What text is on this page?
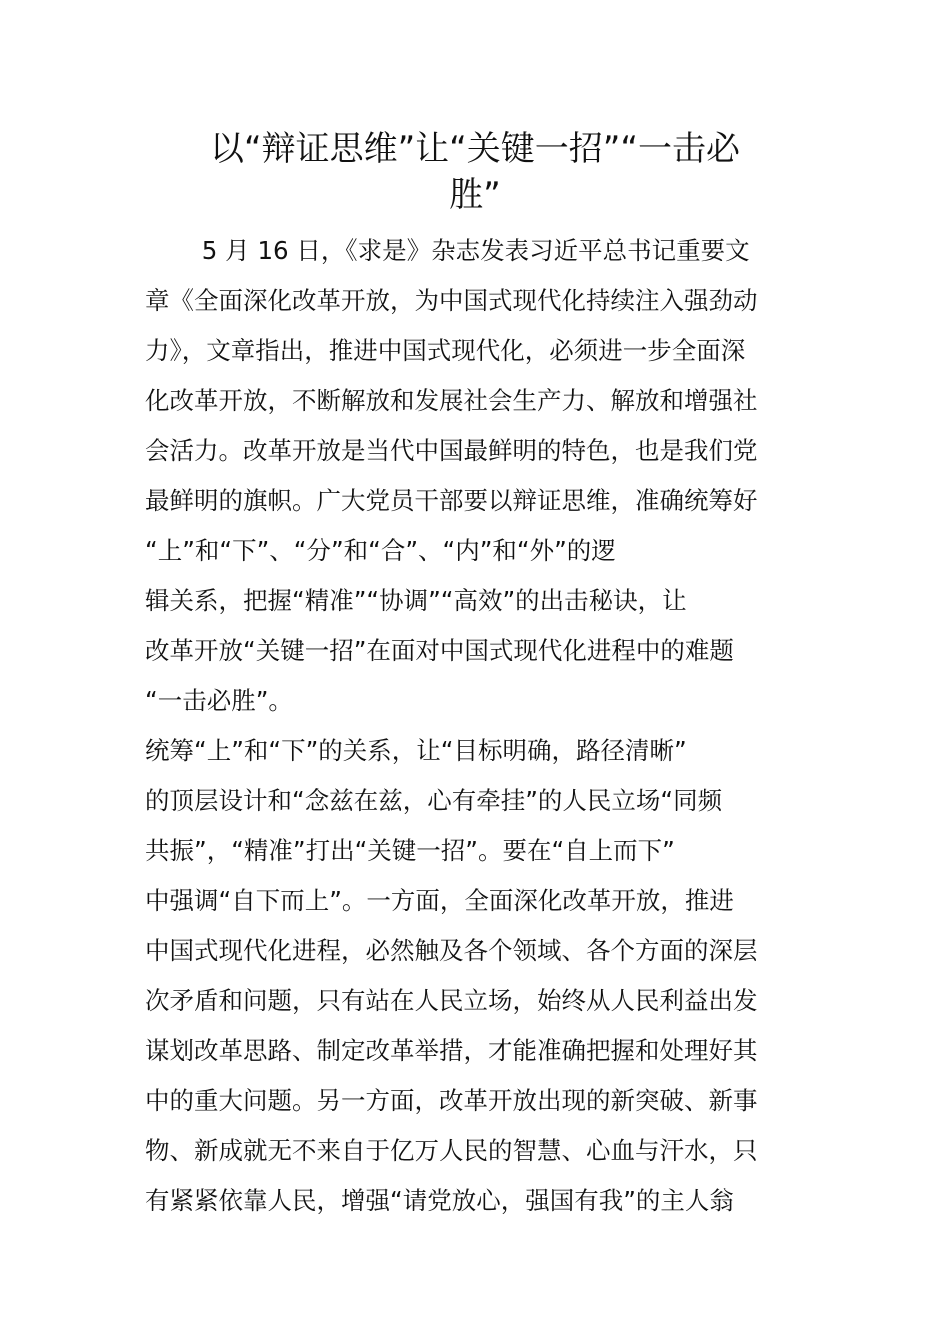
以“辩证思维”让“关键一招”“一击必
胜”
　　 5 月 16 日，《求是》杂志发表习近平总书记重要文
章《全面深化改革开放，为中国式现代化持续注入强劲动
力》，文章指出，推进中国式现代化，必须进一步全面深
化改革开放，不断解放和发展社会生产力、解放和增强社
会活力。改革开放是当代中国最鲜明的特色，也是我们党
最鲜明的旗帜。广大党员干部要以辩证思维，准确统筹好
“上”和“下”、“分”和“合”、“内”和“外”的逻
辑关系，把握“精准”“协调”“高效”的出击秘诀，让
改革开放“关键一招”在面对中国式现代化进程中的难题
“一击必胜”。
统筹“上”和“下”的关系，让“目标明确，路径清晰”
的顶层设计和“念兹在兹，心有牵挂”的人民立场“同频
共振”，“精准”打出“关键一招”。要在“自上而下”
中强调“自下而上”。一方面，全面深化改革开放，推进
中国式现代化进程，必然触及各个领域、各个方面的深层
次矛盾和问题，只有站在人民立场，始终从人民利益出发
谋划改革思路、制定改革举措，才能准确把握和处理好其
中的重大问题。另一方面，改革开放出现的新突破、新事
物、新成就无不来自于亿万人民的智慧、心血与汗水，只
有紧紧依靠人民，增强“请党放心，强国有我”的主人翁
